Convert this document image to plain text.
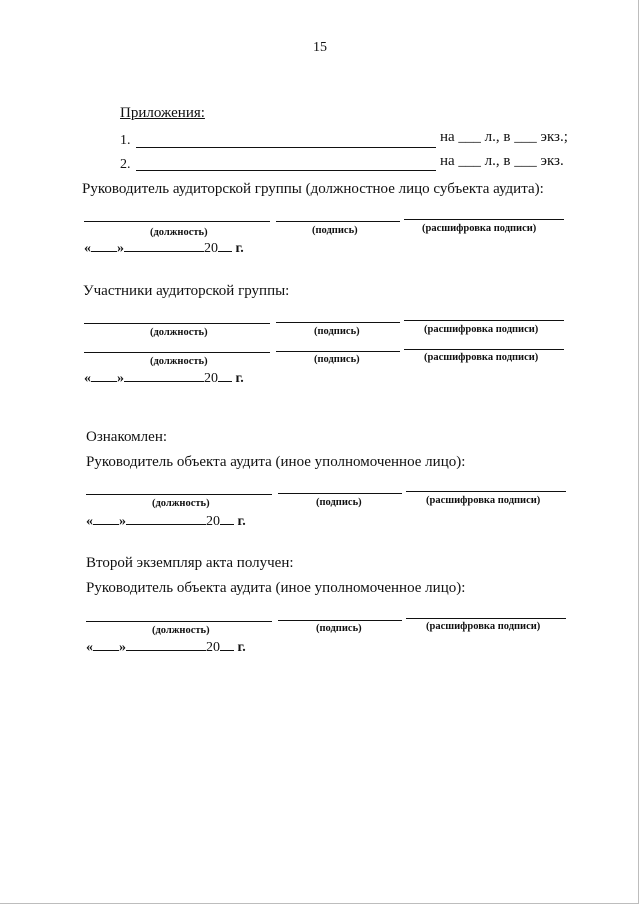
15
Приложения:
1.	на ___ л., в ___ экз.;
2.	на ___ л., в ___ экз.
Руководитель аудиторской группы (должностное лицо субъекта аудита):
(должность)	(подпись)	(расшифровка подписи)
« »	20 г.
Участники аудиторской группы:
(должность)	(подпись)	(расшифровка подписи)
(должность)	(подпись)	(расшифровка подписи)
« »	20 г.
Ознакомлен:
Руководитель объекта аудита (иное уполномоченное лицо):
(должность)	(подпись)	(расшифровка подписи)
« »	20 г.
Второй экземпляр акта получен:
Руководитель объекта аудита (иное уполномоченное лицо):
(должность)	(подпись)	(расшифровка подписи)
« »	20 г.
